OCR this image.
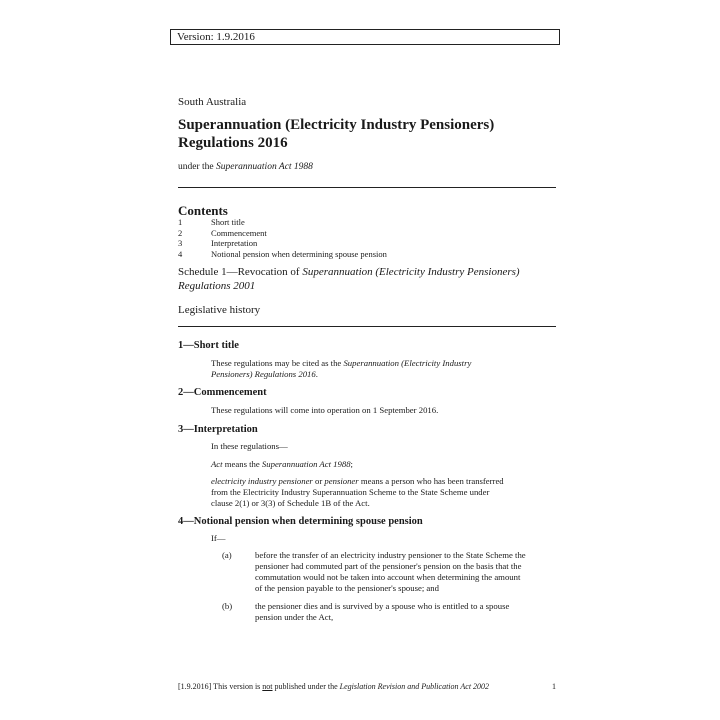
Version: 1.9.2016
South Australia
Superannuation (Electricity Industry Pensioners)
Regulations 2016
under the Superannuation Act 1988
Contents
1	Short title
2	Commencement
3	Interpretation
4	Notional pension when determining spouse pension
Schedule 1—Revocation of Superannuation (Electricity Industry Pensioners)
Regulations 2001
Legislative history
1—Short title
These regulations may be cited as the Superannuation (Electricity Industry
Pensioners) Regulations 2016.
2—Commencement
These regulations will come into operation on 1 September 2016.
3—Interpretation
In these regulations—
Act means the Superannuation Act 1988;
electricity industry pensioner or pensioner means a person who has been transferred
from the Electricity Industry Superannuation Scheme to the State Scheme under
clause 2(1) or 3(3) of Schedule 1B of the Act.
4—Notional pension when determining spouse pension
If—
(a)	before the transfer of an electricity industry pensioner to the State Scheme the
pensioner had commuted part of the pensioner's pension on the basis that the
commutation would not be taken into account when determining the amount
of the pension payable to the pensioner's spouse; and
(b)	the pensioner dies and is survived by a spouse who is entitled to a spouse
pension under the Act,
[1.9.2016] This version is not published under the Legislation Revision and Publication Act 2002	1
